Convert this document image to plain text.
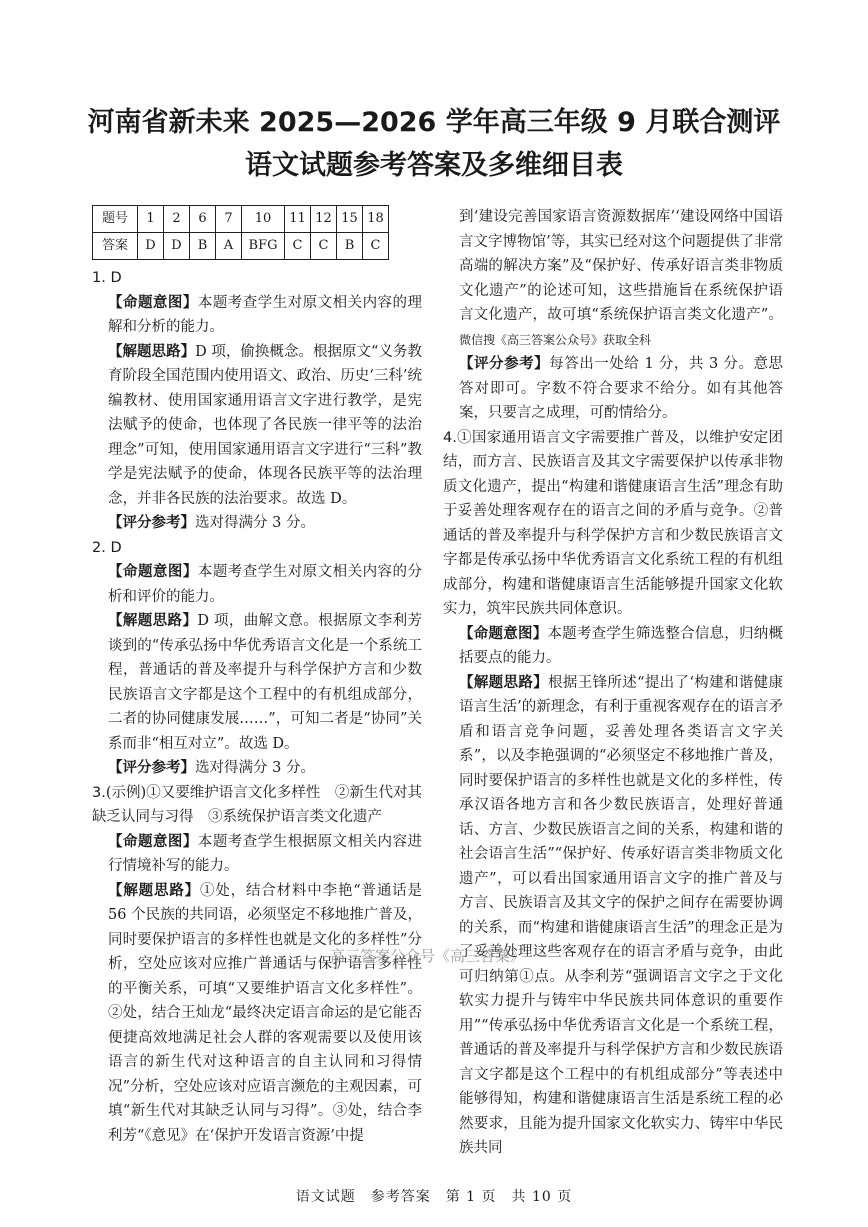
河南省新未来 2025—2026 学年高三年级 9 月联合测评
语文试题参考答案及多维细目表
题号	1	2	6	7	10	11	12	15	18
答案	D	D	B	A	BFG	C	C	B	C

1. D

【命题意图】本题考查学生对原文相关内容的理解和分析的能力。

【解题思路】D 项，偷换概念。根据原文“义务教育阶段全国范围内使用语文、政治、历史‘三科’统编教材、使用国家通用语言文字进行教学，是宪法赋予的使命，也体现了各民族一律平等的法治理念”可知，使用国家通用语言文字进行“三科”教学是宪法赋予的使命，体现各民族平等的法治理念，并非各民族的法治要求。故选 D。

【评分参考】选对得满分 3 分。

2. D

【命题意图】本题考查学生对原文相关内容的分析和评价的能力。

【解题思路】D 项，曲解文意。根据原文李利芳谈到的“传承弘扬中华优秀语言文化是一个系统工程，普通话的普及率提升与科学保护方言和少数民族语言文字都是这个工程中的有机组成部分，二者的协同健康发展……”，可知二者是“协同”关系而非“相互对立”。故选 D。

【评分参考】选对得满分 3 分。

3.(示例)①又要维护语言文化多样性　②新生代对其缺乏认同与习得　③系统保护语言类文化遗产

【命题意图】本题考查学生根据原文相关内容进行情境补写的能力。

【解题思路】①处，结合材料中李艳“普通话是 56 个民族的共同语，必须坚定不移地推广普及，同时要保护语言的多样性也就是文化的多样性”分析，空处应该对应推广普通话与保护语言多样性的平衡关系，可填“又要维护语言文化多样性”。②处，结合王灿龙“最终决定语言命运的是它能否便捷高效地满足社会人群的客观需要以及使用该语言的新生代对这种语言的自主认同和习得情况”分析，空处应该对应语言濒危的主观因素，可填“新生代对其缺乏认同与习得”。③处，结合李利芳“《意见》在‘保护开发语言资源’中提

到‘建设完善国家语言资源数据库’‘建设网络中国语言文字博物馆’等，其实已经对这个问题提供了非常高端的解决方案”及“保护好、传承好语言类非物质文化遗产”的论述可知，这些措施旨在系统保护语言文化遗产，故可填“系统保护语言类文化遗产”。微信搜《高三答案公众号》获取全科

【评分参考】每答出一处给 1 分，共 3 分。意思答对即可。字数不符合要求不给分。如有其他答案，只要言之成理，可酌情给分。

4.①国家通用语言文字需要推广普及，以维护安定团结，而方言、民族语言及其文字需要保护以传承非物质文化遗产，提出“构建和谐健康语言生活”理念有助于妥善处理客观存在的语言之间的矛盾与竞争。②普通话的普及率提升与科学保护方言和少数民族语言文字都是传承弘扬中华优秀语言文化系统工程的有机组成部分，构建和谐健康语言生活能够提升国家文化软实力，筑牢民族共同体意识。

【命题意图】本题考查学生筛选整合信息，归纳概括要点的能力。

【解题思路】根据王锋所述“提出了‘构建和谐健康语言生活’的新理念，有利于重视客观存在的语言矛盾和语言竞争问题，妥善处理各类语言文字关系”，以及李艳强调的“必须坚定不移地推广普及，同时要保护语言的多样性也就是文化的多样性，传承汉语各地方言和各少数民族语言，处理好普通话、方言、少数民族语言之间的关系，构建和谐的社会语言生活”“保护好、传承好语言类非物质文化遗产”，可以看出国家通用语言文字的推广普及与方言、民族语言及其文字的保护之间存在需要协调的关系，而“构建和谐健康语言生活”的理念正是为了妥善处理这些客观存在的语言矛盾与竞争，由此可归纳第①点。从李利芳“强调语言文字之于文化软实力提升与铸牢中华民族共同体意识的重要作用”“传承弘扬中华优秀语言文化是一个系统工程，普通话的普及率提升与科学保护方言和少数民族语言文字都是这个工程中的有机组成部分”等表述中能够得知，构建和谐健康语言生活是系统工程的必然要求，且能为提升国家文化软实力、铸牢中华民族共同

高三答案公众号《高三答案》
语文试题　参考答案　第 1 页　共 10 页
